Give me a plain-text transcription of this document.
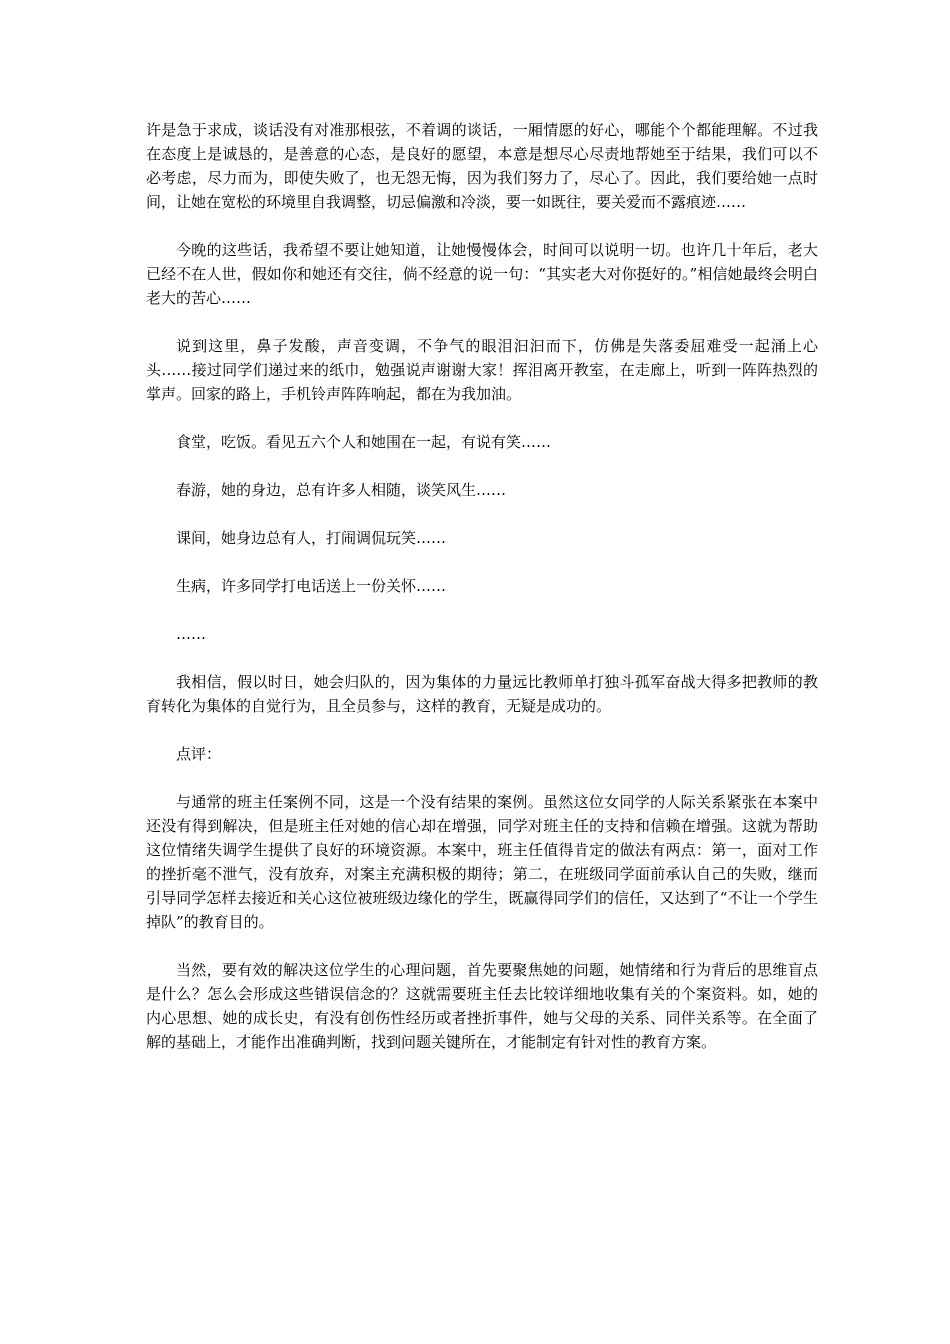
许是急于求成，谈话没有对准那根弦，不着调的谈话，一厢情愿的好心，哪能个个都能理解。不过我在态度上是诚恳的，是善意的心态，是良好的愿望，本意是想尽心尽责地帮她至于结果，我们可以不必考虑，尽力而为，即使失败了，也无怨无悔，因为我们努力了，尽心了。因此，我们要给她一点时间，让她在宽松的环境里自我调整，切忌偏激和冷淡，要一如既往，要关爱而不露痕迹……

今晚的这些话，我希望不要让她知道，让她慢慢体会，时间可以说明一切。也许几十年后，老大已经不在人世，假如你和她还有交往，倘不经意的说一句：“其实老大对你挺好的。”相信她最终会明白老大的苦心……

说到这里，鼻子发酸，声音变调，不争气的眼泪汩汩而下，仿佛是失落委屈难受一起涌上心头……接过同学们递过来的纸巾，勉强说声谢谢大家！挥泪离开教室，在走廊上，听到一阵阵热烈的掌声。回家的路上，手机铃声阵阵响起，都在为我加油。

食堂，吃饭。看见五六个人和她围在一起，有说有笑……

春游，她的身边，总有许多人相随，谈笑风生……

课间，她身边总有人，打闹调侃玩笑……

生病，许多同学打电话送上一份关怀……

……

我相信，假以时日，她会归队的，因为集体的力量远比教师单打独斗孤军奋战大得多把教师的教育转化为集体的自觉行为，且全员参与，这样的教育，无疑是成功的。

点评：

与通常的班主任案例不同，这是一个没有结果的案例。虽然这位女同学的人际关系紧张在本案中还没有得到解决，但是班主任对她的信心却在增强，同学对班主任的支持和信赖在增强。这就为帮助这位情绪失调学生提供了良好的环境资源。本案中，班主任值得肯定的做法有两点：第一，面对工作的挫折毫不泄气，没有放弃，对案主充满积极的期待；第二，在班级同学面前承认自己的失败，继而引导同学怎样去接近和关心这位被班级边缘化的学生，既赢得同学们的信任，又达到了“不让一个学生掉队”的教育目的。

当然，要有效的解决这位学生的心理问题，首先要聚焦她的问题，她情绪和行为背后的思维盲点是什么？怎么会形成这些错误信念的？这就需要班主任去比较详细地收集有关的个案资料。如，她的内心思想、她的成长史，有没有创伤性经历或者挫折事件，她与父母的关系、同伴关系等。在全面了解的基础上，才能作出准确判断，找到问题关键所在，才能制定有针对性的教育方案。
